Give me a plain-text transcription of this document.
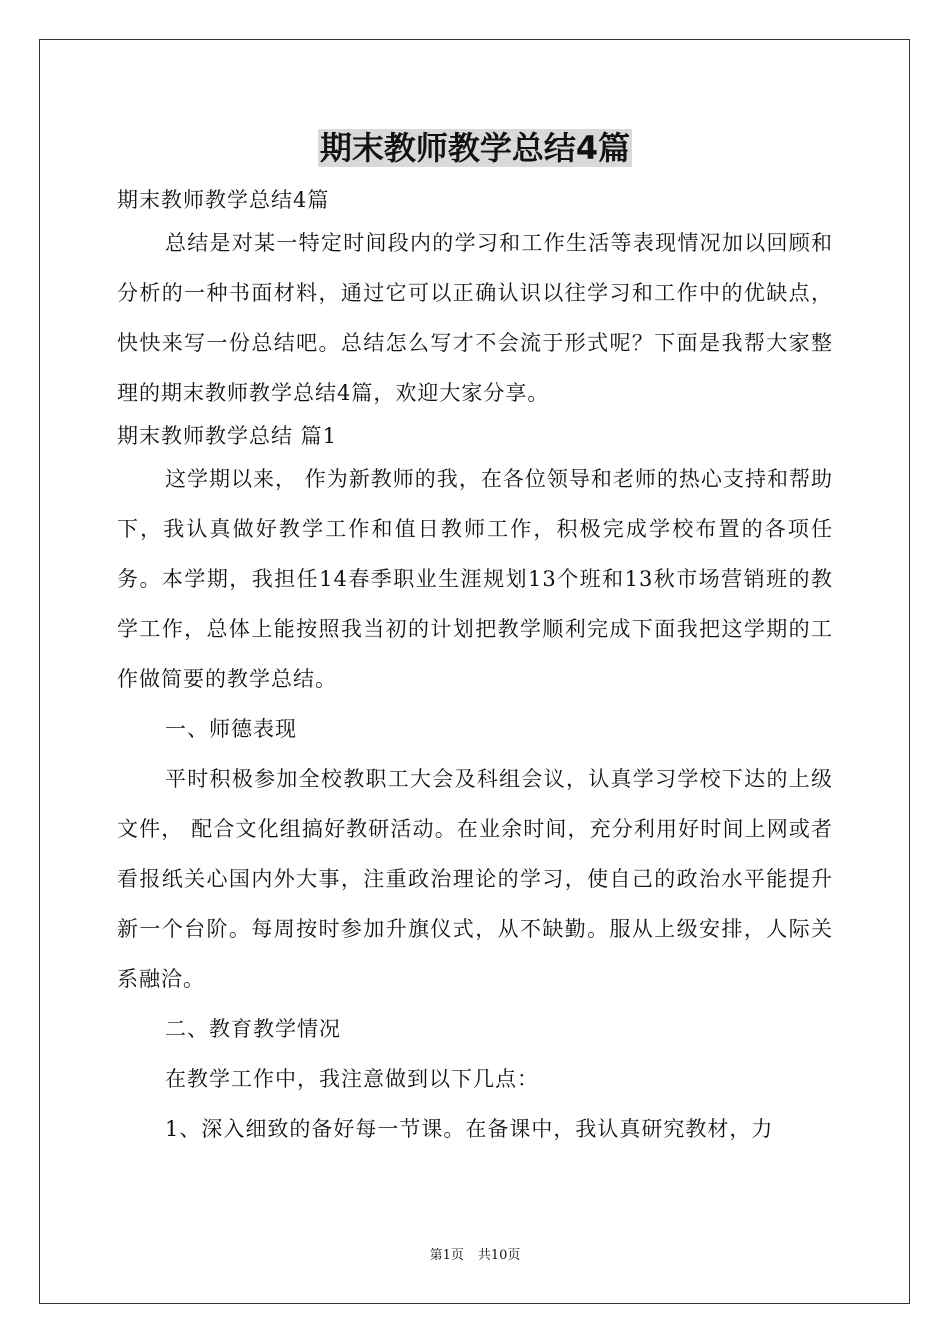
期末教师教学总结4篇

期末教师教学总结4篇

总结是对某一特定时间段内的学习和工作生活等表现情况加以回顾和分析的一种书面材料，通过它可以正确认识以往学习和工作中的优缺点，快快来写一份总结吧。总结怎么写才不会流于形式呢？下面是我帮大家整理的期末教师教学总结4篇，欢迎大家分享。

期末教师教学总结 篇1

这学期以来， 作为新教师的我，在各位领导和老师的热心支持和帮助下，我认真做好教学工作和值日教师工作，积极完成学校布置的各项任务。本学期，我担任14春季职业生涯规划13个班和13秋市场营销班的教学工作，总体上能按照我当初的计划把教学顺利完成下面我把这学期的工作做简要的教学总结。

一、师德表现

平时积极参加全校教职工大会及科组会议，认真学习学校下达的上级文件， 配合文化组搞好教研活动。在业余时间，充分利用好时间上网或者看报纸关心国内外大事，注重政治理论的学习，使自己的政治水平能提升新一个台阶。每周按时参加升旗仪式，从不缺勤。服从上级安排，人际关系融洽。

二、教育教学情况

在教学工作中，我注意做到以下几点：

1、深入细致的备好每一节课。在备课中，我认真研究教材，力

第1页 共10页
